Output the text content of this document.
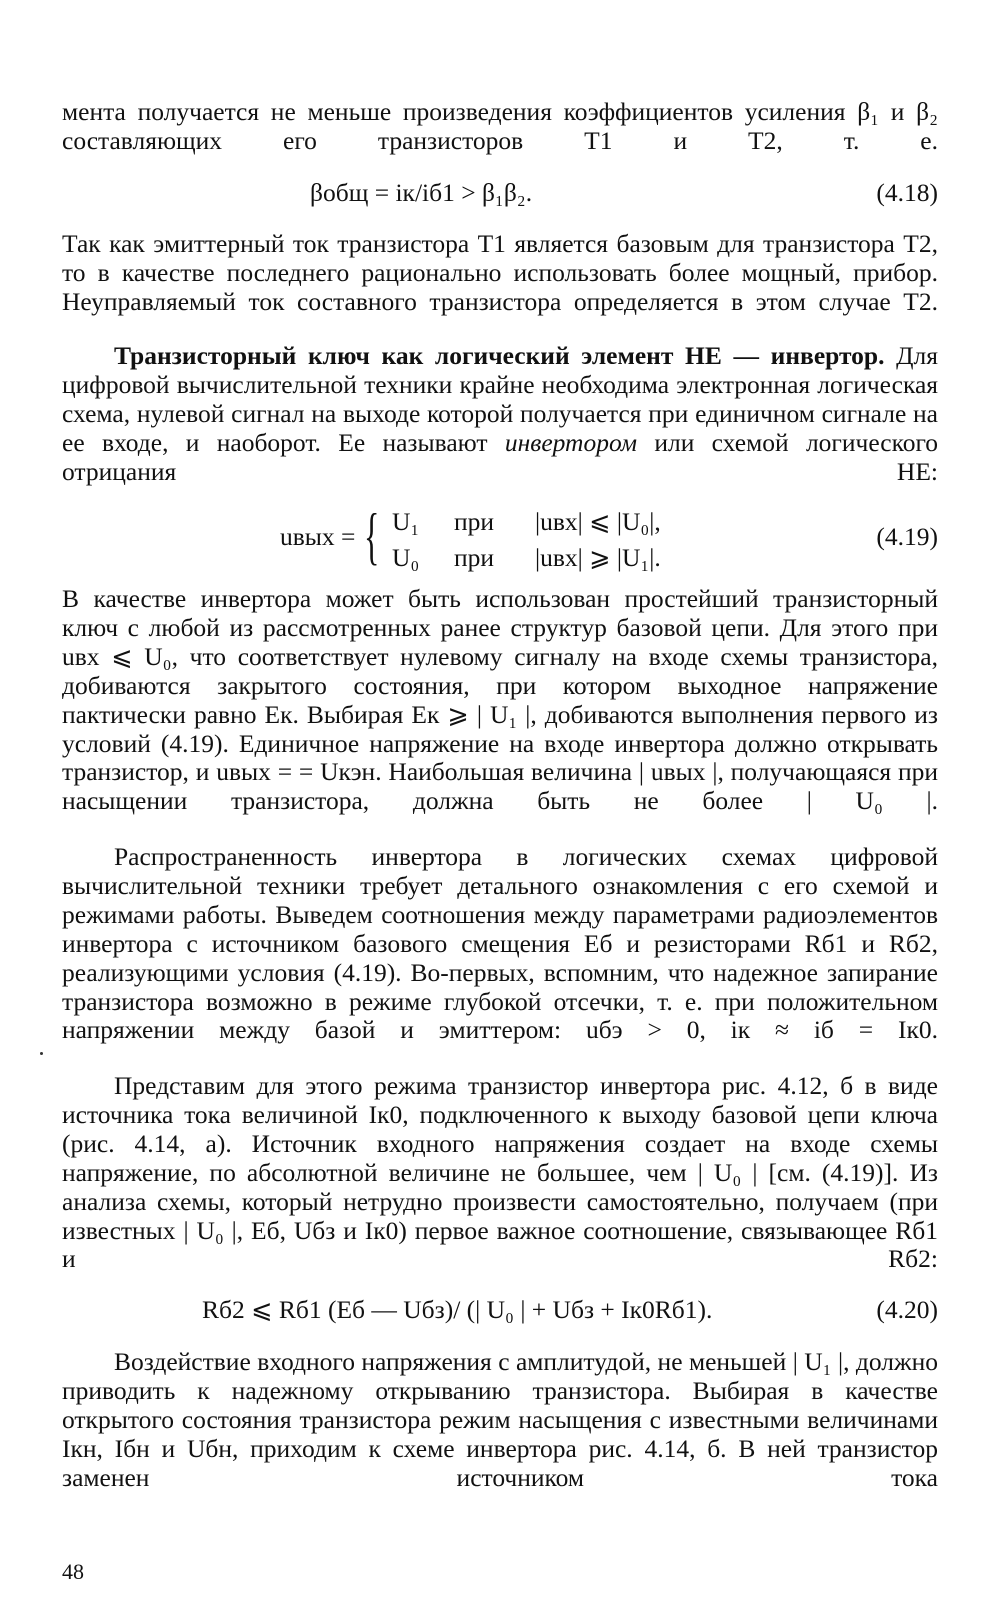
мента получается не меньше произведения коэффициентов усиления β₁ и β₂ составляющих его транзисторов T1 и T2, т. е.

βобщ = iк/iб1 > β₁β₂.	(4.18)

Так как эмиттерный ток транзистора T1 является базовым для транзистора T2, то в качестве последнего рационально использовать более мощный, прибор. Неуправляемый ток составного транзистора определяется в этом случае T2.

Транзисторный ключ как логический элемент НЕ — инвертор. Для цифровой вычислительной техники крайне необходима электронная логическая схема, нулевой сигнал на выходе которой получается при единичном сигнале на ее входе, и наоборот. Ее называют инвертором или схемой логического отрицания НЕ:

uвых = { U₁ при |uвх| ⩽ |U₀|,
U₀ при |uвх| ⩾ |U₁|.
(4.19)

В качестве инвертора может быть использован простейший транзисторный ключ с любой из рассмотренных ранее структур базовой цепи. Для этого при uвх ⩽ U₀, что соответствует нулевому сигналу на входе схемы транзистора, добиваются закрытого состояния, при котором выходное напряжение пактически равно Eк. Выбирая Eк ⩾ | U₁ |, добиваются выполнения первого из условий (4.19). Единичное напряжение на входе инвертора должно открывать транзистор, и uвых = = Uкэн. Наибольшая величина | uвых |, получающаяся при насыщении транзистора, должна быть не более | U₀ |.

Распространенность инвертора в логических схемах цифровой вычислительной техники требует детального ознакомления с его схемой и режимами работы. Выведем соотношения между параметрами радиоэлементов инвертора с источником базового смещения Eб и резисторами Rб1 и Rб2, реализующими условия (4.19). Во-первых, вспомним, что надежное запирание транзистора возможно в режиме глубокой отсечки, т. е. при положительном напряжении между базой и эмиттером: uбэ > 0, iк ≈ iб = Iк0.

Представим для этого режима транзистор инвертора рис. 4.12, б в виде источника тока величиной Iк0, подключенного к выходу базовой цепи ключа (рис. 4.14, а). Источник входного напряжения создает на входе схемы напряжение, по абсолютной величине не большее, чем | U₀ | [см. (4.19)]. Из анализа схемы, который нетрудно произвести самостоятельно, получаем (при известных | U₀ |, Eб, Uбз и Iк0) первое важное соотношение, связывающее Rб1 и Rб2:

Rб2 ⩽ Rб1 (Eб — Uбз)/ (| U₀ | + Uбз + Iк0Rб1).	(4.20)

Воздействие входного напряжения с амплитудой, не меньшей | U₁ |, должно приводить к надежному открыванию транзистора. Выбирая в качестве открытого состояния транзистора режим насыщения с известными величинами Iкн, Iбн и Uбн, приходим к схеме инвертора рис. 4.14, б. В ней транзистор заменен источником тока

48
